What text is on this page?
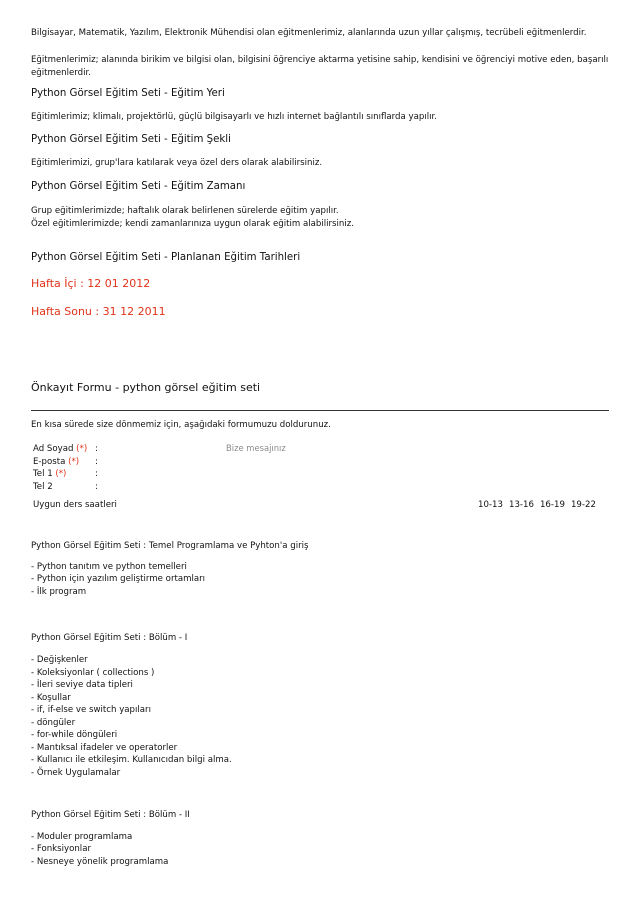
Bilgisayar, Matematik, Yazılım, Elektronik Mühendisi olan eğitmenlerimiz, alanlarında uzun yıllar çalışmış, tecrübeli eğitmenlerdir.
Eğitmenlerimiz; alanında birikim ve bilgisi olan, bilgisini öğrenciye aktarma yetisine sahip, kendisini ve öğrenciyi motive eden, başarılı
eğitmenlerdir.
Python Görsel Eğitim Seti - Eğitim Yeri
Eğitimlerimiz; klimalı, projektörlü, güçlü bilgisayarlı ve hızlı internet bağlantılı sınıflarda yapılır.
Python Görsel Eğitim Seti - Eğitim Şekli
Eğitimlerimizi, grup'lara katılarak veya özel ders olarak alabilirsiniz.
Python Görsel Eğitim Seti - Eğitim Zamanı
Grup eğitimlerimizde; haftalık olarak belirlenen sürelerde eğitim yapılır.
Özel eğitimlerimizde; kendi zamanlarınıza uygun olarak eğitim alabilirsiniz.
Python Görsel Eğitim Seti - Planlanan Eğitim Tarihleri
Hafta İçi : 12 01 2012
Hafta Sonu : 31 12 2011
Önkayıt Formu - python görsel eğitim seti
En kısa sürede size dönmemiz için, aşağıdaki formumuzu doldurunuz.
Ad Soyad (*) :
E-posta (*) :
Tel 1 (*)	:
Tel 2	:
Bize mesajınız
Uygun ders saatleri	10-13 13-16 16-19 19-22
Python Görsel Eğitim Seti : Temel Programlama ve Pyhton'a giriş
- Python tanıtım ve python temelleri
- Python için yazılım geliştirme ortamları
- İlk program
Python Görsel Eğitim Seti : Bölüm - I
- Değişkenler
- Koleksiyonlar ( collections )
- İleri seviye data tipleri
- Koşullar
- if, if-else ve switch yapıları
- döngüler
- for-while döngüleri
- Mantıksal ifadeler ve operatorler
- Kullanıcı ile etkileşim. Kullanıcıdan bilgi alma.
- Örnek Uygulamalar
Python Görsel Eğitim Seti : Bölüm - II
- Moduler programlama
- Fonksiyonlar
- Nesneye yönelik programlama
